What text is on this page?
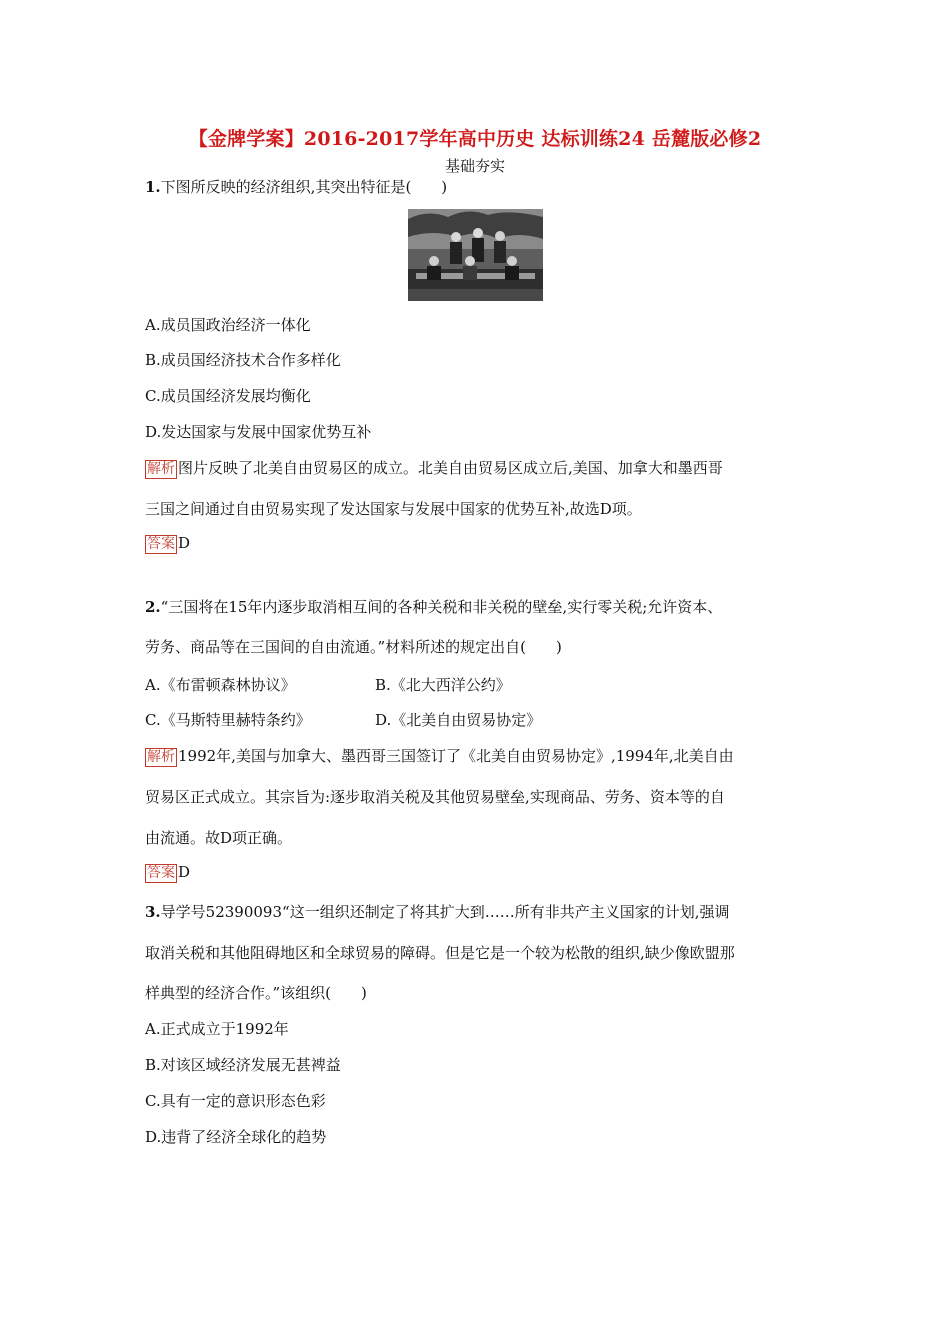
【金牌学案】2016-2017学年高中历史 达标训练24 岳麓版必修2
基础夯实
1.下图所反映的经济组织,其突出特征是(　　)
A.成员国政治经济一体化
B.成员国经济技术合作多样化
C.成员国经济发展均衡化
D.发达国家与发展中国家优势互补
解析 图片反映了北美自由贸易区的成立。北美自由贸易区成立后,美国、加拿大和墨西哥
三国之间通过自由贸易实现了发达国家与发展中国家的优势互补,故选D项。
答案 D
2.“三国将在15年内逐步取消相互间的各种关税和非关税的壁垒,实行零关税;允许资本、
劳务、商品等在三国间的自由流通。”材料所述的规定出自(　　)
A.《布雷顿森林协议》	B.《北大西洋公约》
C.《马斯特里赫特条约》	D.《北美自由贸易协定》
解析 1992年,美国与加拿大、墨西哥三国签订了《北美自由贸易协定》,1994年,北美自由
贸易区正式成立。其宗旨为:逐步取消关税及其他贸易壁垒,实现商品、劳务、资本等的自
由流通。故D项正确。
答案 D
3.导学号52390093“这一组织还制定了将其扩大到……所有非共产主义国家的计划,强调
取消关税和其他阻碍地区和全球贸易的障碍。但是它是一个较为松散的组织,缺少像欧盟那
样典型的经济合作。”该组织(　　)
A.正式成立于1992年
B.对该区域经济发展无甚裨益
C.具有一定的意识形态色彩
D.违背了经济全球化的趋势
